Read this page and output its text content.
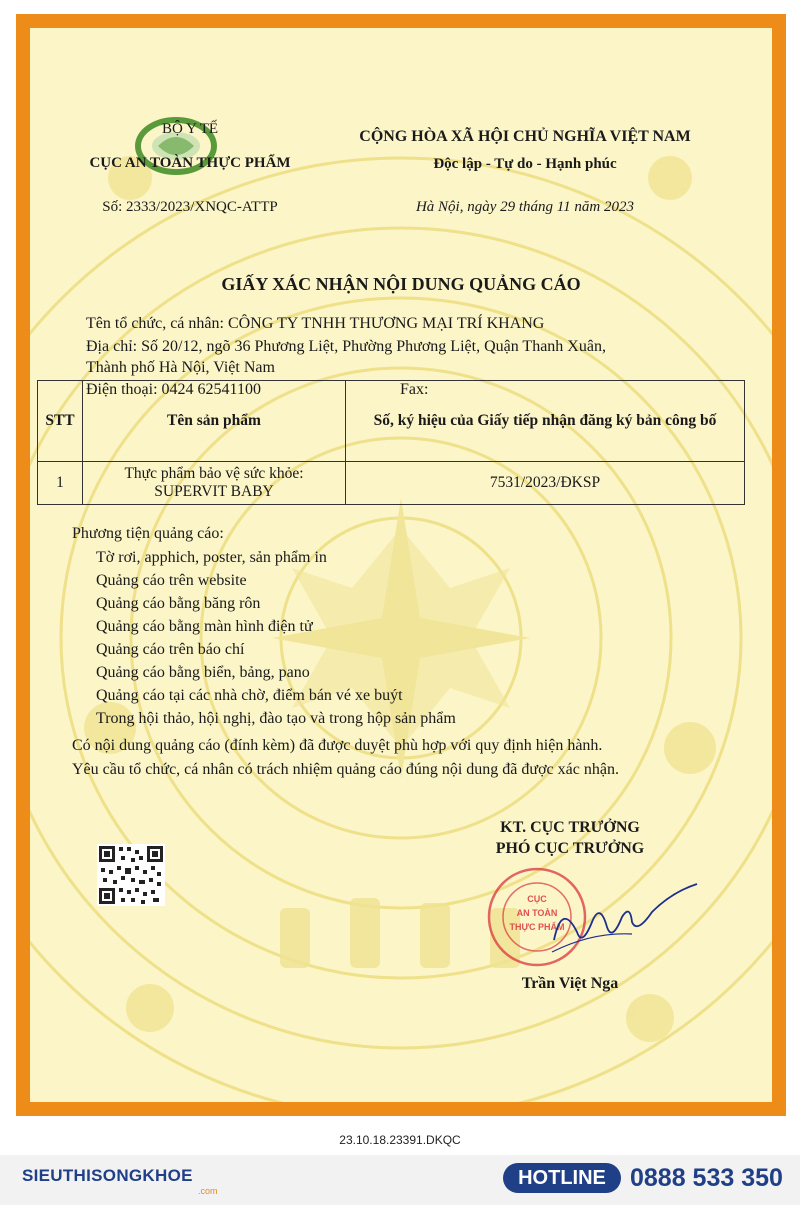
BỘ Y TẾ
CỤC AN TOÀN THỰC PHẨM
Số: 2333/2023/XNQC-ATTP
CỘNG HÒA XÃ HỘI CHỦ NGHĨA VIỆT NAM
Độc lập - Tự do - Hạnh phúc
Hà Nội, ngày 29 tháng 11 năm 2023
GIẤY XÁC NHẬN NỘI DUNG QUẢNG CÁO
Tên tổ chức, cá nhân: CÔNG TY TNHH THƯƠNG MẠI TRÍ KHANG
Địa chỉ: Số 20/12, ngõ 36 Phương Liệt, Phường Phương Liệt, Quận Thanh Xuân,
Thành phố Hà Nội, Việt Nam
Điện thoại: 0424 62541100	Fax:
STT	Tên sản phẩm	Số, ký hiệu của Giấy tiếp nhận đăng ký bản công bố
1	Thực phẩm bảo vệ sức khỏe:
SUPERVIT BABY	7531/2023/ĐKSP
Phương tiện quảng cáo:
Tờ rơi, apphich, poster, sản phẩm in
Quảng cáo trên website
Quảng cáo bằng băng rôn
Quảng cáo bằng màn hình điện tử
Quảng cáo trên báo chí
Quảng cáo bằng biển, bảng, pano
Quảng cáo tại các nhà chờ, điểm bán vé xe buýt
Trong hội thảo, hội nghị, đào tạo và trong hộp sản phẩm
Có nội dung quảng cáo (đính kèm) đã được duyệt phù hợp với quy định hiện hành.
Yêu cầu tổ chức, cá nhân có trách nhiệm quảng cáo đúng nội dung đã được xác nhận.
KT. CỤC TRƯỞNG
PHÓ CỤC TRƯỞNG
CỤC
AN TOÀN
THỰC PHẨM
Trần Việt Nga
23.10.18.23391.DKQC
SIEUTHISONGKHOE
.com
HOTLINE 0888 533 350
